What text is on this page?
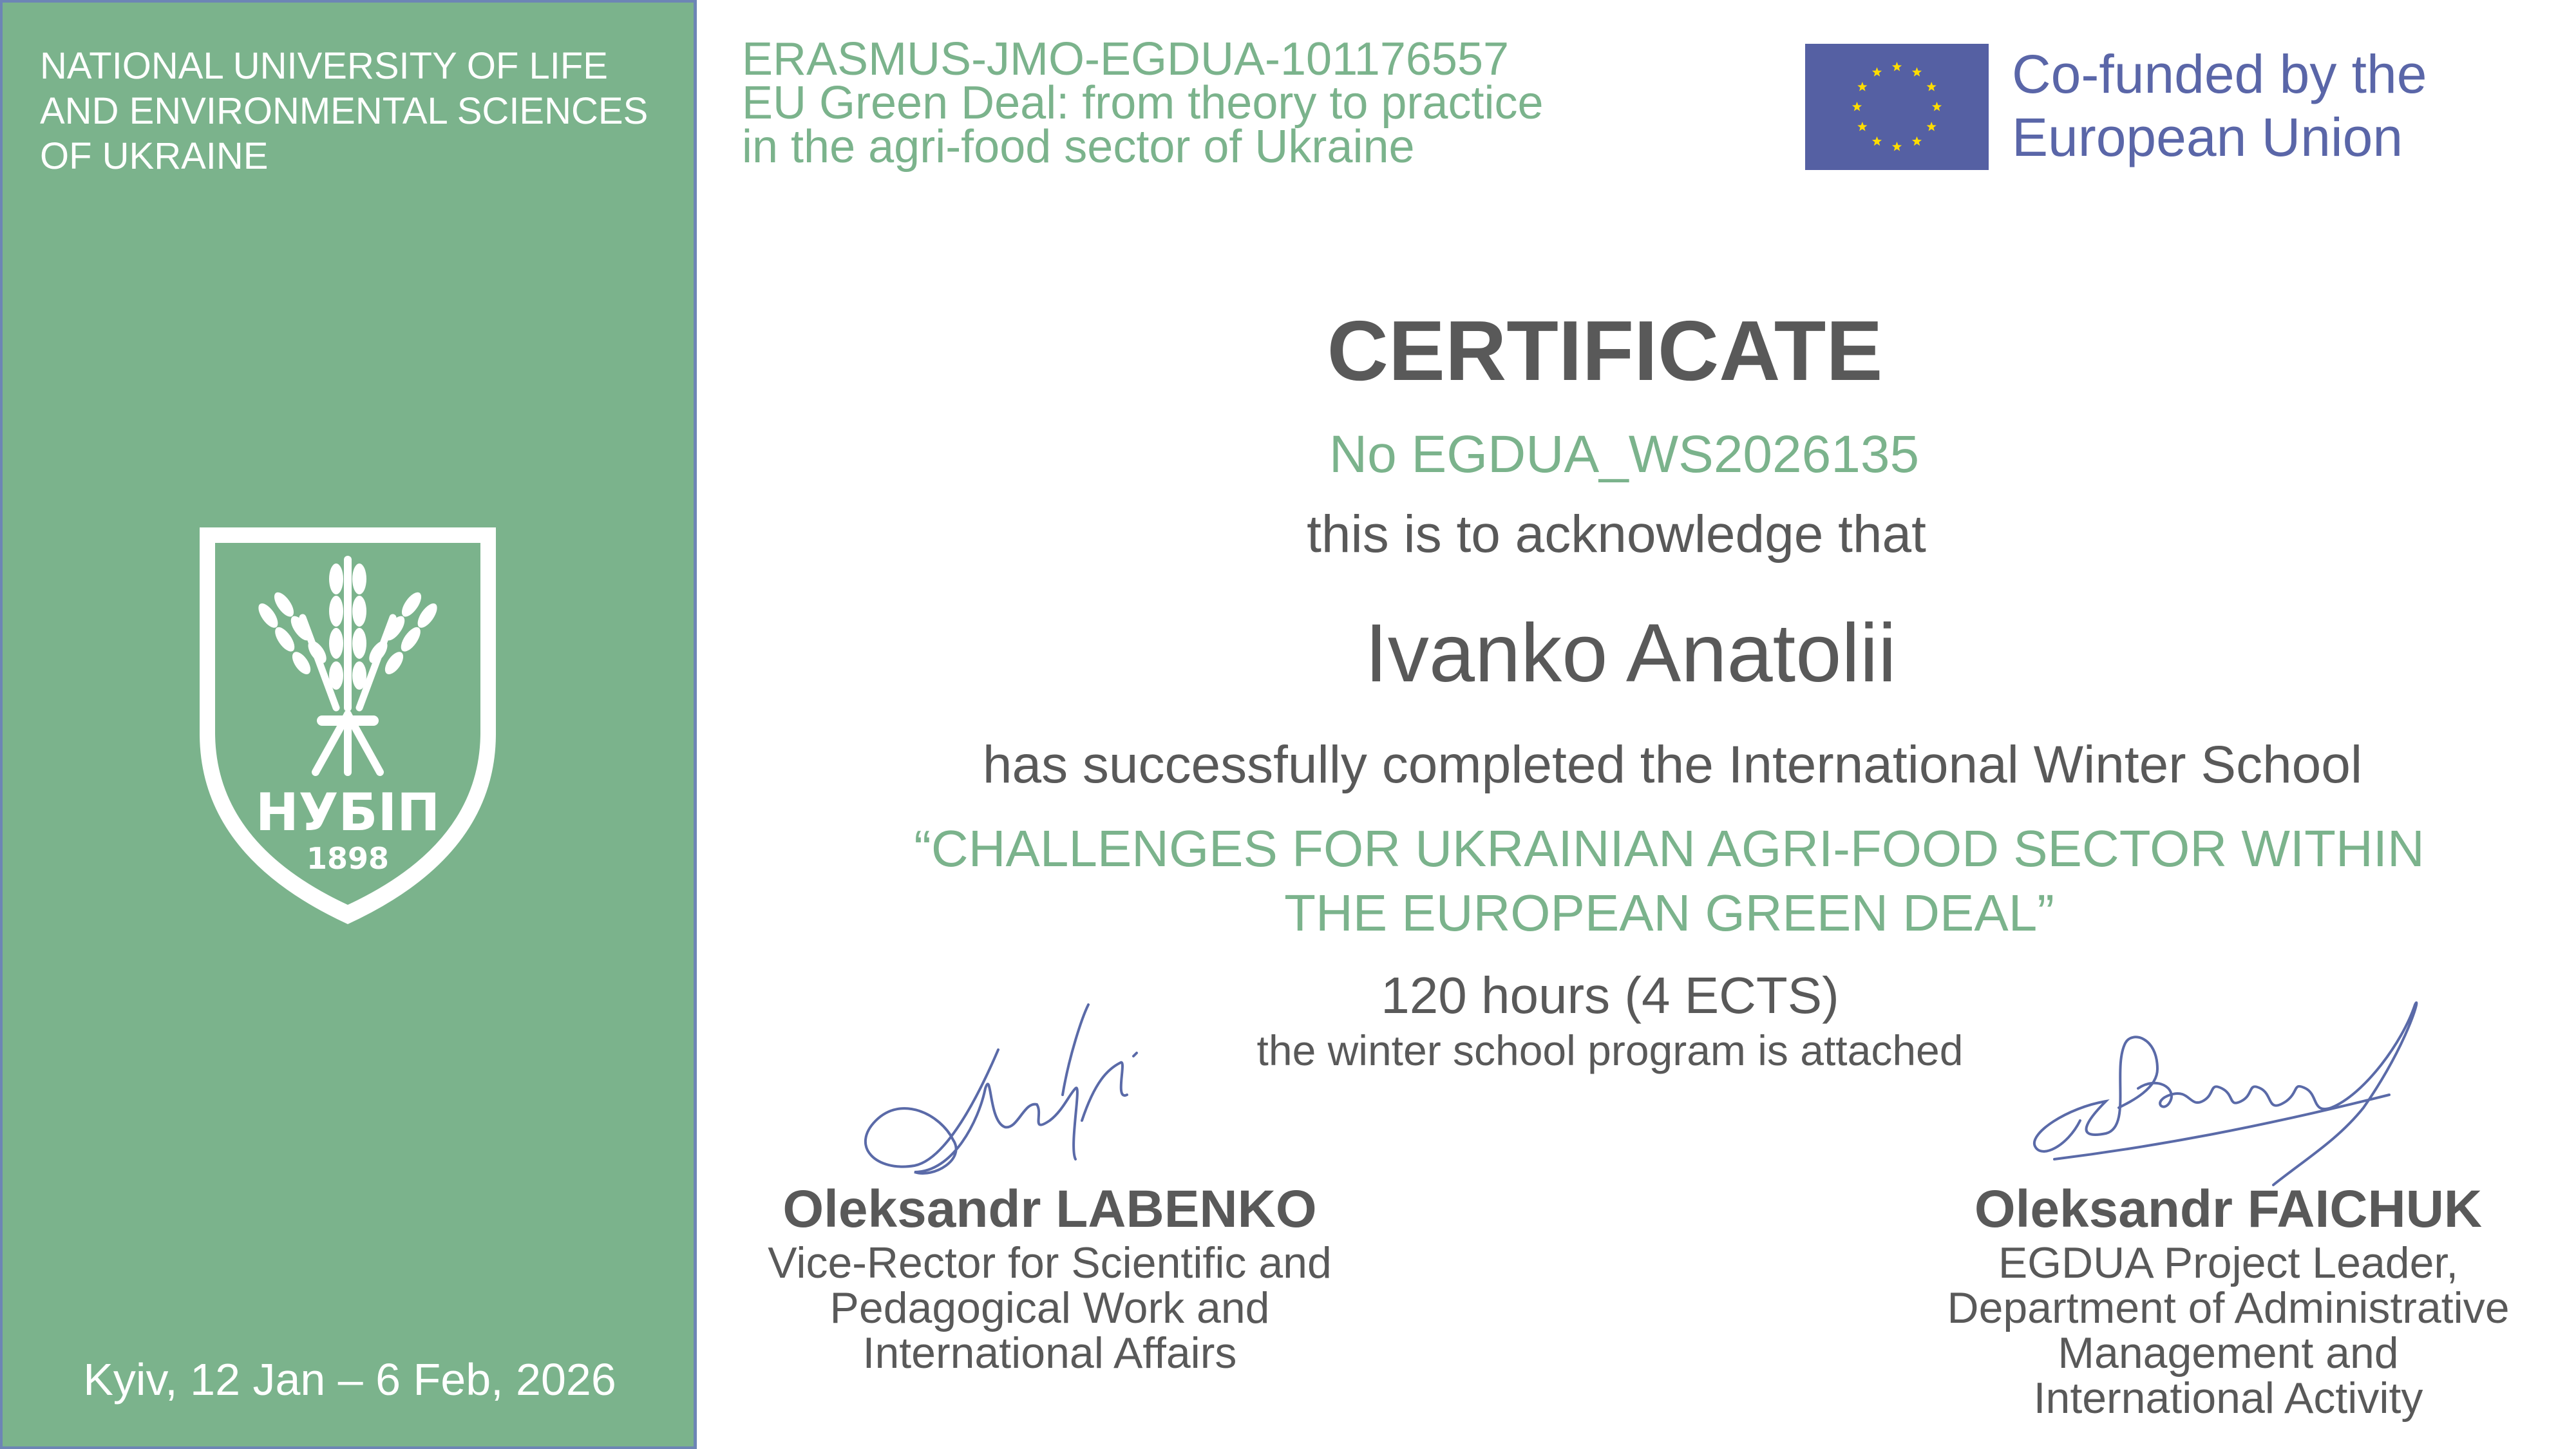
NATIONAL UNIVERSITY OF LIFE
AND ENVIRONMENTAL SCIENCES
OF UKRAINE
НУБІП
1898
Kyiv, 12 Jan – 6 Feb, 2026
ERASMUS-JMO-EGDUA-101176557
EU Green Deal: from theory to practice
in the agri-food sector of Ukraine
Co-funded by the
European Union
CERTIFICATE
No EGDUA_WS2026135
this is to acknowledge that
Ivanko Anatolii
has successfully completed the International Winter School
“CHALLENGES FOR UKRAINIAN AGRI-FOOD SECTOR WITHIN
THE EUROPEAN GREEN DEAL”
120 hours (4 ECTS)
the winter school program is attached
Oleksandr LABENKO
Vice-Rector for Scientific and
Pedagogical Work and
International Affairs
Oleksandr FAICHUK
EGDUA Project Leader,
Department of Administrative
Management and
International Activity
